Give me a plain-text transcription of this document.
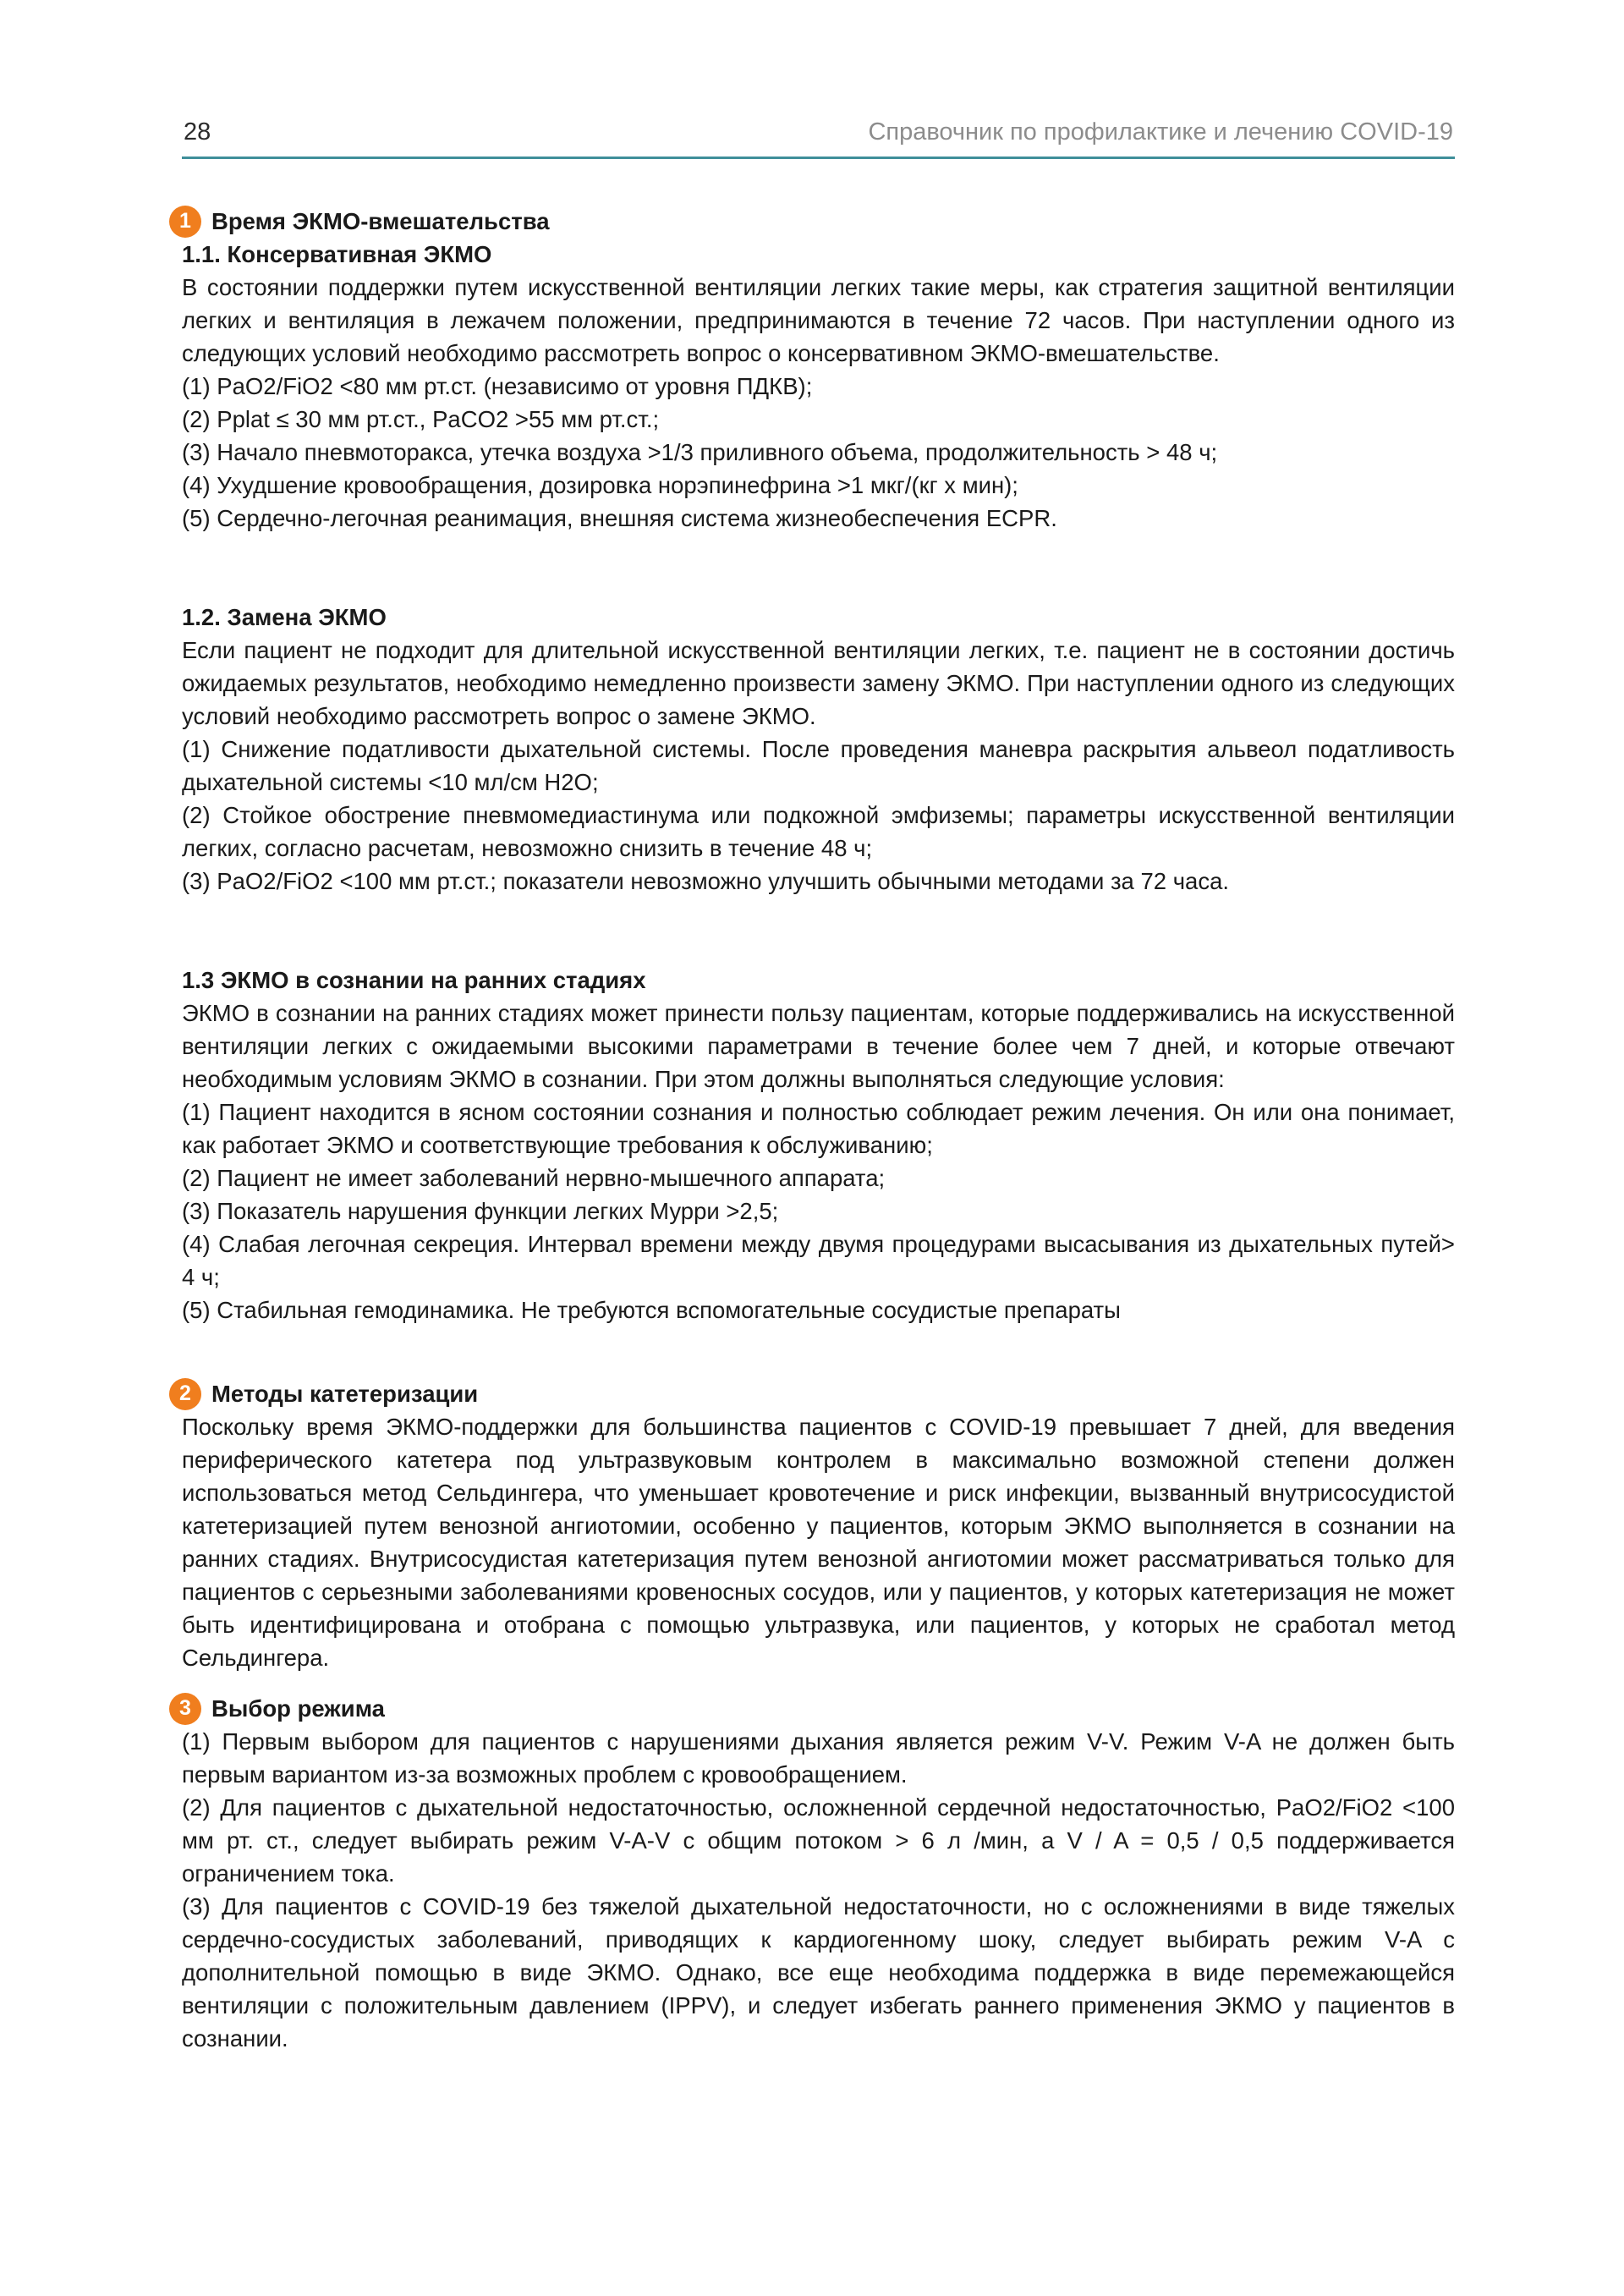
28	Справочник по профилактике и лечению COVID-19
1 Время ЭКМО-вмешательства
1.1. Консервативная ЭКМО

В состоянии поддержки путем искусственной вентиляции легких такие меры, как стратегия защитной вентиляции легких и вентиляция в лежачем положении, предпринимаются в течение 72 часов. При наступлении одного из следующих условий необходимо рассмотреть вопрос о консервативном ЭКМО-вмешательстве.

(1) PaO2/FiO2 <80 мм рт.ст. (независимо от уровня ПДКВ);
(2) Pplat ≤ 30 мм рт.ст., PaCO2 >55 мм рт.ст.;
(3) Начало пневмоторакса, утечка воздуха >1/3 приливного объема, продолжительность > 48 ч;
(4) Ухудшение кровообращения, дозировка норэпинефрина >1 мкг/(кг х мин);
(5) Сердечно-легочная реанимация, внешняя система жизнеобеспечения ECPR.
1.2. Замена ЭКМО

Если пациент не подходит для длительной искусственной вентиляции легких, т.е. пациент не в состоянии достичь ожидаемых результатов, необходимо немедленно произвести замену ЭКМО. При наступлении одного из следующих условий необходимо рассмотреть вопрос о замене ЭКМО.

(1) Снижение податливости дыхательной системы. После проведения маневра раскрытия альвеол податливость дыхательной системы <10 мл/см H2O;
(2) Стойкое обострение пневмомедиастинума или подкожной эмфиземы; параметры искусственной вентиляции легких, согласно расчетам, невозможно снизить в течение 48 ч;
(3) PaO2/FiO2 <100 мм рт.ст.; показатели невозможно улучшить обычными методами за 72 часа.
1.3 ЭКМО в сознании на ранних стадиях

ЭКМО в сознании на ранних стадиях может принести пользу пациентам, которые поддерживались на искусственной вентиляции легких с ожидаемыми высокими параметрами в течение более чем 7 дней, и которые отвечают необходимым условиям ЭКМО в сознании. При этом должны выполняться следующие условия:

(1) Пациент находится в ясном состоянии сознания и полностью соблюдает режим лечения. Он или она понимает, как работает ЭКМО и соответствующие требования к обслуживанию;
(2) Пациент не имеет заболеваний нервно-мышечного аппарата;
(3) Показатель нарушения функции легких Мурри >2,5;
(4) Слабая легочная секреция. Интервал времени между двумя процедурами высасывания из дыхательных путей> 4 ч;
(5) Стабильная гемодинамика. Не требуются вспомогательные сосудистые препараты
2 Методы катетеризации

Поскольку время ЭКМО-поддержки для большинства пациентов с COVID-19 превышает 7 дней, для введения периферического катетера под ультразвуковым контролем в максимально возможной степени должен использоваться метод Сельдингера, что уменьшает кровотечение и риск инфекции, вызванный внутрисосудистой катетеризацией путем венозной ангиотомии, особенно у пациентов, которым ЭКМО выполняется в сознании на ранних стадиях. Внутрисосудистая катетеризация путем венозной ангиотомии может рассматриваться только для пациентов с серьезными заболеваниями кровеносных сосудов, или у пациентов, у которых катетеризация не может быть идентифицирована и отобрана с помощью ультразвука, или пациентов, у которых не сработал метод Сельдингера.

3 Выбор режима
(1) Первым выбором для пациентов с нарушениями дыхания является режим V-V. Режим V-A не должен быть первым вариантом из-за возможных проблем с кровообращением.
(2) Для пациентов с дыхательной недостаточностью, осложненной сердечной недостаточностью, PaO2/FiO2 <100 мм рт. ст., следует выбирать режим V-A-V с общим потоком > 6 л /мин, а V / A = 0,5 / 0,5 поддерживается ограничением тока.
(3) Для пациентов с COVID-19 без тяжелой дыхательной недостаточности, но с осложнениями в виде тяжелых сердечно-сосудистых заболеваний, приводящих к кардиогенному шоку, следует выбирать режим V-A с дополнительной помощью в виде ЭКМО. Однако, все еще необходима поддержка в виде перемежающейся вентиляции с положительным давлением (IPPV), и следует избегать раннего применения ЭКМО у пациентов в сознании.
